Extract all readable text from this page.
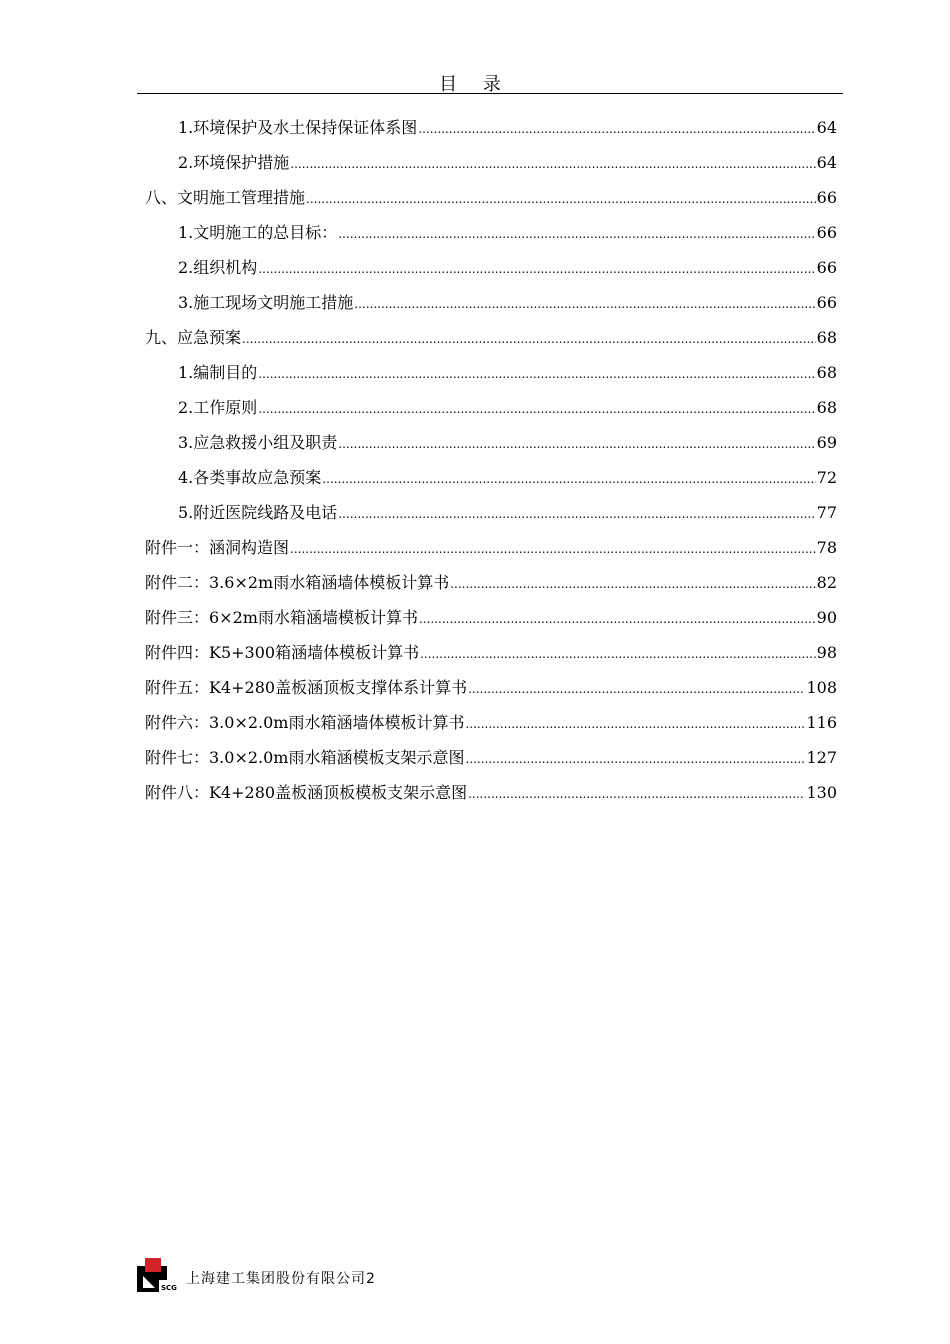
目 录
1. 环境保护及水土保持保证体系图 .....	64
2. 环境保护措施 .....	64
八、 文明施工管理措施 .....	66
1. 文明施工的总目标： .....	66
2. 组织机构 .....	66
3. 施工现场文明施工措施 .....	66
九、 应急预案 .....	68
1. 编制目的 .....	68
2. 工作原则 .....	68
3. 应急救援小组及职责 .....	69
4. 各类事故应急预案 .....	72
5. 附近医院线路及电话 .....	77
附件一：涵洞构造图 .....	78
附件二：3.6×2m雨水箱涵墙体模板计算书 .....	82
附件三：6×2m雨水箱涵墙模板计算书 .....	90
附件四：K5+300箱涵墙体模板计算书 .....	98
附件五：K4+280盖板涵顶板支撑体系计算书 .....	108
附件六：3.0×2.0m雨水箱涵墙体模板计算书 .....	116
附件七：3.0×2.0m雨水箱涵模板支架示意图 .....	127
附件八：K4+280盖板涵顶板模板支架示意图 .....	130
SCG
上海建工集团股份有限公司2
